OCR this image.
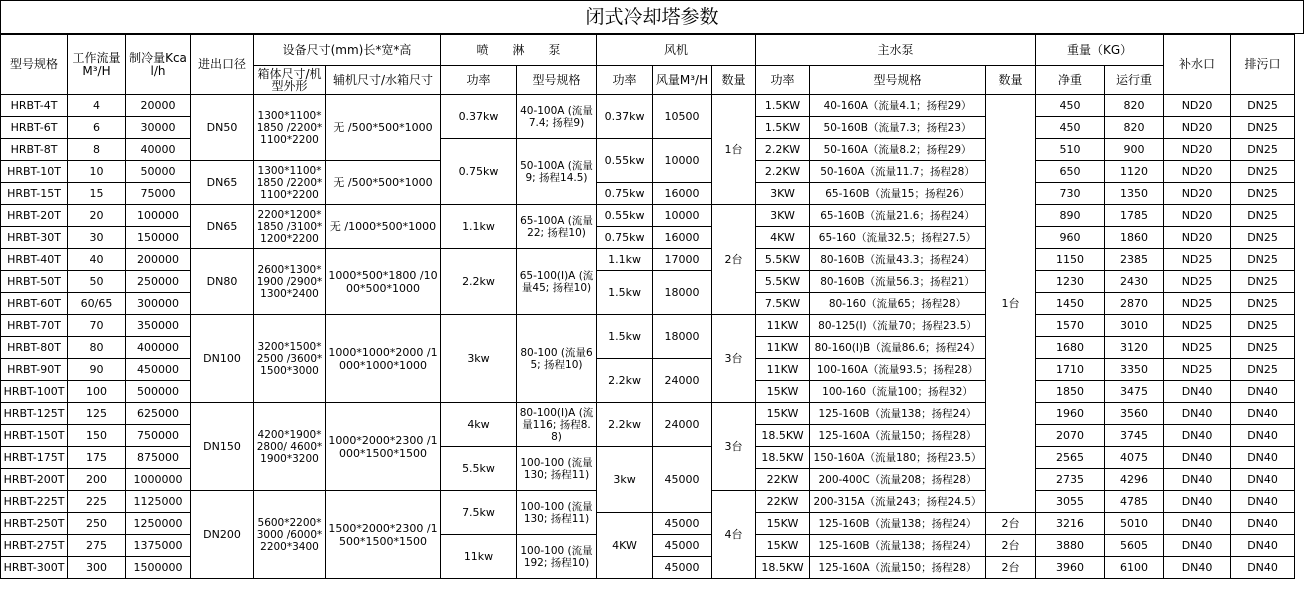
闭式冷却塔参数
型号规格	工作流量M³/H	制冷量Kcal/h	进出口径	设备尺寸(mm)长*宽*高		喷　　淋　　泵		风机			主水泵			重量（KG）		补水口	排污口
				箱体尺寸/机型外形	辅机尺寸/水箱尺寸	功率	型号规格	功率	风量M³/H	数量	功率	型号规格	数量	净重	运行重		
HRBT-4T	4	20000	DN50	1300*1100*1850 /2200*1100*2200	无 /500*500*1000	0.37kw	40-100A (流量7.4; 扬程9)	0.37kw	10500	1台	1.5KW	40-160A（流量4.1；扬程29）	1台	450	820	ND20	DN25
HRBT-6T	6	30000									1.5KW	50-160B（流量7.3；扬程23）		450	820	ND20	DN25
HRBT-8T	8	40000				0.75kw	50-100A (流量9; 扬程14.5)	0.55kw	10000		2.2KW	50-160A（流量8.2；扬程29）		510	900	ND20	DN25
HRBT-10T	10	50000	DN65	1300*1100*1850 /2200*1100*2200	无 /500*500*1000						2.2KW	50-160A（流量11.7；扬程28）		650	1120	ND20	DN25
HRBT-15T	15	75000						0.75kw	16000		3KW	65-160B（流量15；扬程26）		730	1350	ND20	DN25
HRBT-20T	20	100000	DN65	2200*1200*1850 /3100*1200*2200	无 /1000*500*1000	1.1kw	65-100A (流量22; 扬程10)	0.55kw	10000	2台	3KW	65-160B（流量21.6；扬程24）		890	1785	ND20	DN25
HRBT-30T	30	150000						0.75kw	16000		4KW	65-160（流量32.5；扬程27.5）		960	1860	ND20	DN25
HRBT-40T	40	200000	DN80	2600*1300*1900 /2900*1300*2400	1000*500*1800 /1000*500*1000	2.2kw	65-100(I)A (流量45; 扬程10)	1.1kw	17000		5.5KW	80-160B（流量43.3；扬程24）		1150	2385	ND25	DN25
HRBT-50T	50	250000						1.5kw	18000		5.5KW	80-160B（流量56.3；扬程21）		1230	2430	ND25	DN25
HRBT-60T	60/65	300000									7.5KW	80-160（流量65；扬程28）		1450	2870	ND25	DN25
HRBT-70T	70	350000	DN100	3200*1500*2500 /3600*1500*3000	1000*1000*2000 /1000*1000*1000	3kw	80-100 (流量65; 扬程10)	1.5kw	18000	3台	11KW	80-125(I)（流量70；扬程23.5）		1570	3010	ND25	DN25
HRBT-80T	80	400000									11KW	80-160(I)B（流量86.6；扬程24）		1680	3120	ND25	DN25
HRBT-90T	90	450000						2.2kw	24000		11KW	100-160A（流量93.5；扬程28）		1710	3350	ND25	DN25
HRBT-100T	100	500000									15KW	100-160（流量100；扬程32）		1850	3475	DN40	DN40
HRBT-125T	125	625000	DN150	4200*1900*2800/ 4600*1900*3200	1000*2000*2300 /1000*1500*1500	4kw	80-100(I)A (流量116; 扬程8.8)	2.2kw	24000	3台	15KW	125-160B（流量138；扬程24）		1960	3560	DN40	DN40
HRBT-150T	150	750000									18.5KW	125-160A（流量150；扬程28）		2070	3745	DN40	DN40
HRBT-175T	175	875000				5.5kw	100-100 (流量130; 扬程11)	3kw	45000		18.5KW	150-160A（流量180；扬程23.5）		2565	4075	DN40	DN40
HRBT-200T	200	1000000									22KW	200-400C（流量208；扬程28）		2735	4296	DN40	DN40
HRBT-225T	225	1125000	DN200	5600*2200*3000 /6000*2200*3400	1500*2000*2300 /1500*1500*1500	7.5kw	100-100 (流量130; 扬程11)			4台	22KW	200-315A（流量243；扬程24.5）		3055	4785	DN40	DN40
HRBT-250T	250	1250000						4KW	45000		15KW	125-160B（流量138；扬程24）	2台	3216	5010	DN40	DN40
HRBT-275T	275	1375000				11kw	100-100 (流量192; 扬程10)		45000		15KW	125-160B（流量138；扬程24）	2台	3880	5605	DN40	DN40
HRBT-300T	300	1500000							45000		18.5KW	125-160A（流量150；扬程28）	2台	3960	6100	DN40	DN40
